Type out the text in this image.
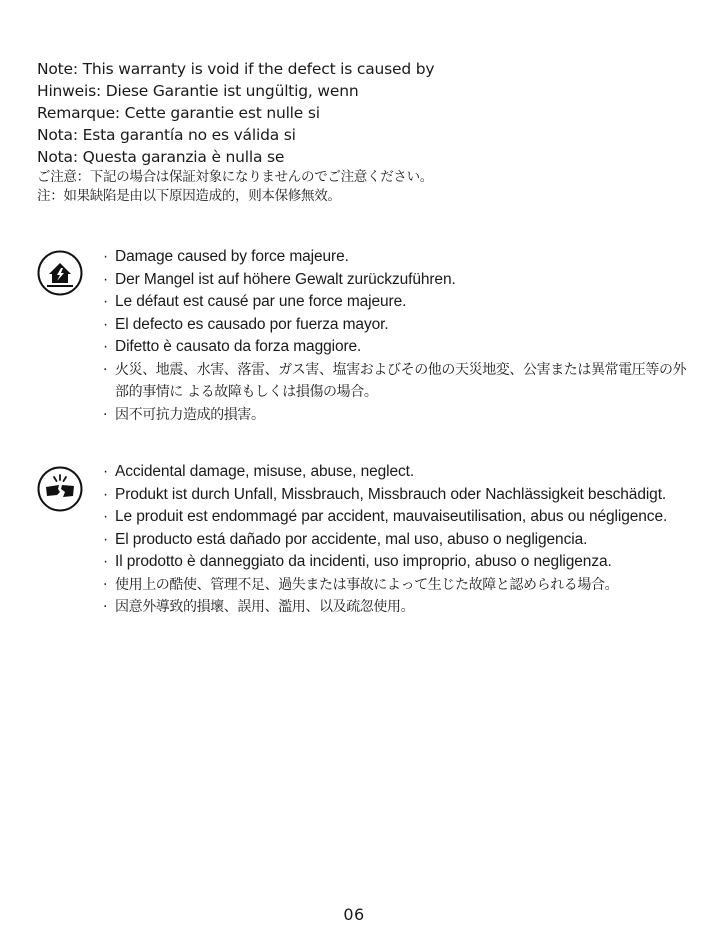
Note: This warranty is void if the defect is caused by
Hinweis: Diese Garantie ist ungültig, wenn
Remarque: Cette garantie est nulle si
Nota: Esta garantía no es válida si
Nota: Questa garanzia è nulla se
ご注意：下記の場合は保証対象になりませんのでご注意ください。
注：如果缺陷是由以下原因造成的，则本保修無效。
· Damage caused by force majeure.
· Der Mangel ist auf höhere Gewalt zurückzuführen.
· Le défaut est causé par une force majeure.
· El defecto es causado por fuerza mayor.
· Difetto è causato da forza maggiore.
· 火災、地震、水害、落雷、ガス害、塩害およびその他の天災地変、公害または異常電圧等の外部的事情に よる故障もしくは損傷の場合。
· 因不可抗力造成的損害。
· Accidental damage, misuse, abuse, neglect.
· Produkt ist durch Unfall, Missbrauch, Missbrauch oder Nachlässigkeit beschädigt.
· Le produit est endommagé par accident, mauvaiseutilisation, abus ou négligence.
· El producto está dañado por accidente, mal uso, abuso o negligencia.
· Il prodotto è danneggiato da incidenti, uso improprio, abuso o negligenza.
· 使用上の酷使、管理不足、過失または事故によって生じた故障と認められる場合。
· 因意外導致的損壞、誤用、濫用、以及疏忽使用。
06
